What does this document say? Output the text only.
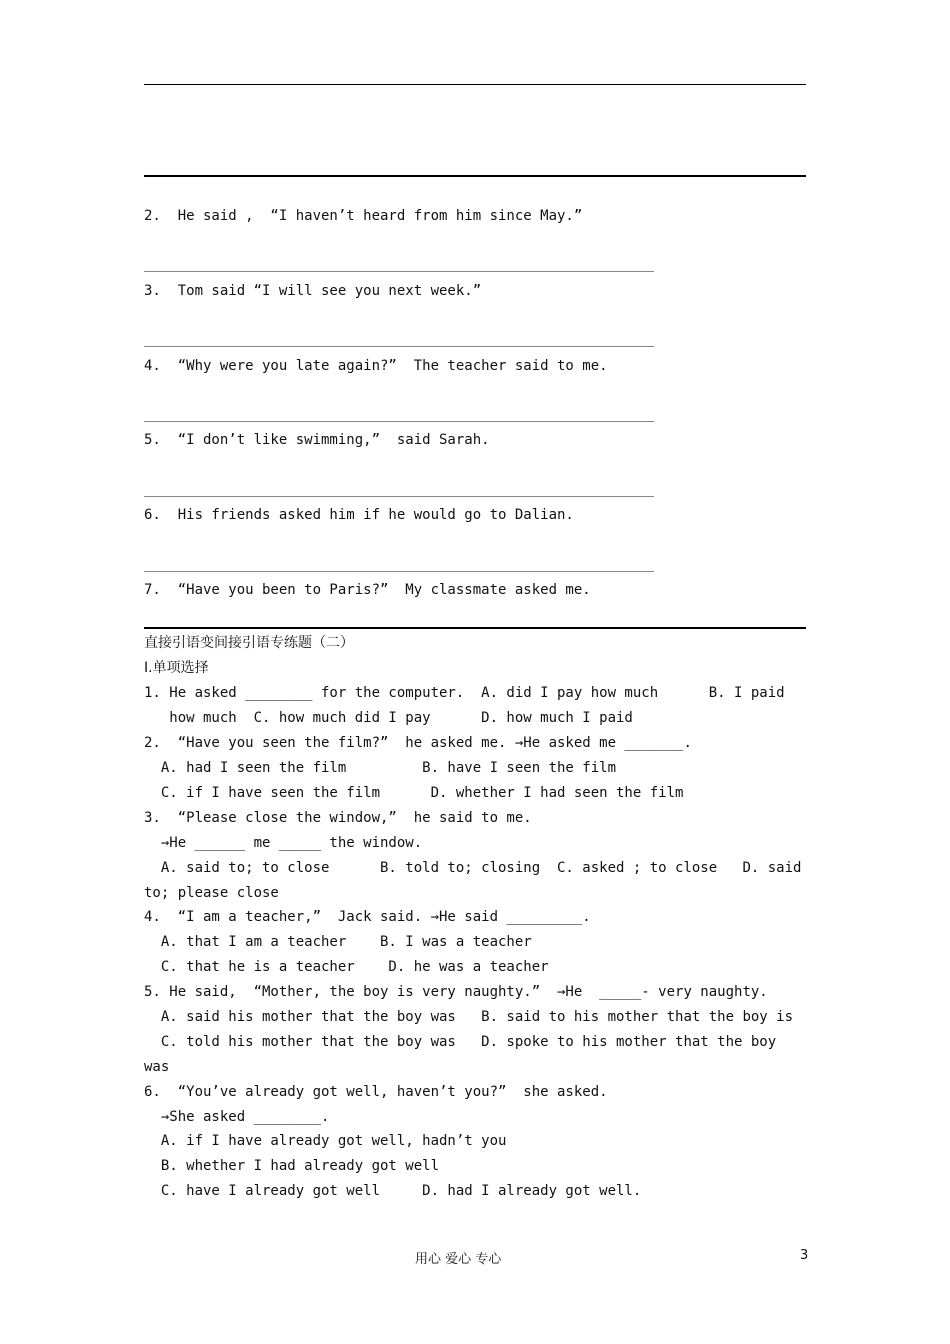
2.  He said ,  “I haven’t heard from him since May.”
3.  Tom said “I will see you next week.”
4.  “Why were you late again?”  The teacher said to me.
5.  “I don’t like swimming,”  said Sarah.
6.  His friends asked him if he would go to Dalian.
7.  “Have you been to Paris?”  My classmate asked me.
直接引语变间接引语专练题（二）
Ⅰ.单项选择
1. He asked ________ for the computer.  A. did I pay how much      B. I paid
how much  C. how much did I pay      D. how much I paid
2.  “Have you seen the film?”  he asked me. →He asked me _______.
A. had I seen the film         B. have I seen the film
C. if I have seen the film      D. whether I had seen the film
3.  “Please close the window,”  he said to me.
→He ______ me _____ the window.
A. said to; to close      B. told to; closing  C. asked ; to close   D. said
to; please close
4.  “I am a teacher,”  Jack said. →He said _________.
A. that I am a teacher    B. I was a teacher
C. that he is a teacher    D. he was a teacher
5. He said,  “Mother, the boy is very naughty.”  →He  _____- very naughty.
A. said his mother that the boy was   B. said to his mother that the boy is
C. told his mother that the boy was   D. spoke to his mother that the boy
was
6.  “You’ve already got well, haven’t you?”  she asked.
→She asked ________.
A. if I have already got well, hadn’t you
B. whether I had already got well
C. have I already got well     D. had I already got well.
用心 爱心 专心	3
